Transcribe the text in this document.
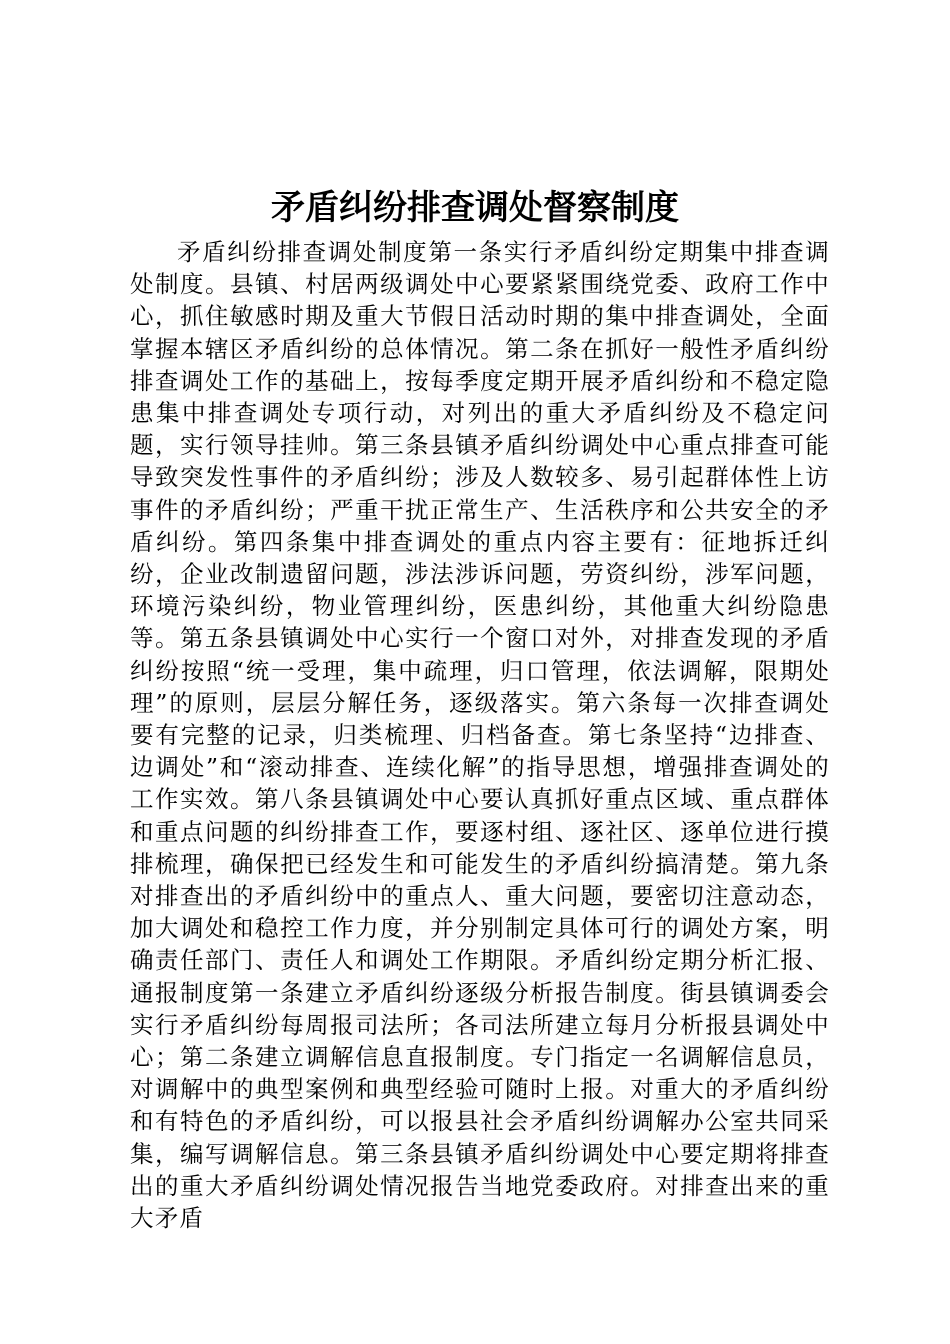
矛盾纠纷排查调处督察制度

矛盾纠纷排查调处制度第一条实行矛盾纠纷定期集中排查调处制度。县镇、村居两级调处中心要紧紧围绕党委、政府工作中心，抓住敏感时期及重大节假日活动时期的集中排查调处，全面掌握本辖区矛盾纠纷的总体情况。第二条在抓好一般性矛盾纠纷排查调处工作的基础上，按每季度定期开展矛盾纠纷和不稳定隐患集中排查调处专项行动，对列出的重大矛盾纠纷及不稳定问题，实行领导挂帅。第三条县镇矛盾纠纷调处中心重点排查可能导致突发性事件的矛盾纠纷；涉及人数较多、易引起群体性上访事件的矛盾纠纷；严重干扰正常生产、生活秩序和公共安全的矛盾纠纷。第四条集中排查调处的重点内容主要有：征地拆迁纠纷，企业改制遗留问题，涉法涉诉问题，劳资纠纷，涉军问题，环境污染纠纷，物业管理纠纷，医患纠纷，其他重大纠纷隐患等。第五条县镇调处中心实行一个窗口对外，对排查发现的矛盾纠纷按照“统一受理，集中疏理，归口管理，依法调解，限期处理”的原则，层层分解任务，逐级落实。第六条每一次排查调处要有完整的记录，归类梳理、归档备查。第七条坚持“边排查、边调处”和“滚动排查、连续化解”的指导思想，增强排查调处的工作实效。第八条县镇调处中心要认真抓好重点区域、重点群体和重点问题的纠纷排查工作，要逐村组、逐社区、逐单位进行摸排梳理，确保把已经发生和可能发生的矛盾纠纷搞清楚。第九条对排查出的矛盾纠纷中的重点人、重大问题，要密切注意动态，加大调处和稳控工作力度，并分别制定具体可行的调处方案，明确责任部门、责任人和调处工作期限。矛盾纠纷定期分析汇报、通报制度第一条建立矛盾纠纷逐级分析报告制度。街县镇调委会实行矛盾纠纷每周报司法所；各司法所建立每月分析报县调处中心；第二条建立调解信息直报制度。专门指定一名调解信息员，对调解中的典型案例和典型经验可随时上报。对重大的矛盾纠纷和有特色的矛盾纠纷，可以报县社会矛盾纠纷调解办公室共同采集，编写调解信息。第三条县镇矛盾纠纷调处中心要定期将排查出的重大矛盾纠纷调处情况报告当地党委政府。对排查出来的重大矛盾
